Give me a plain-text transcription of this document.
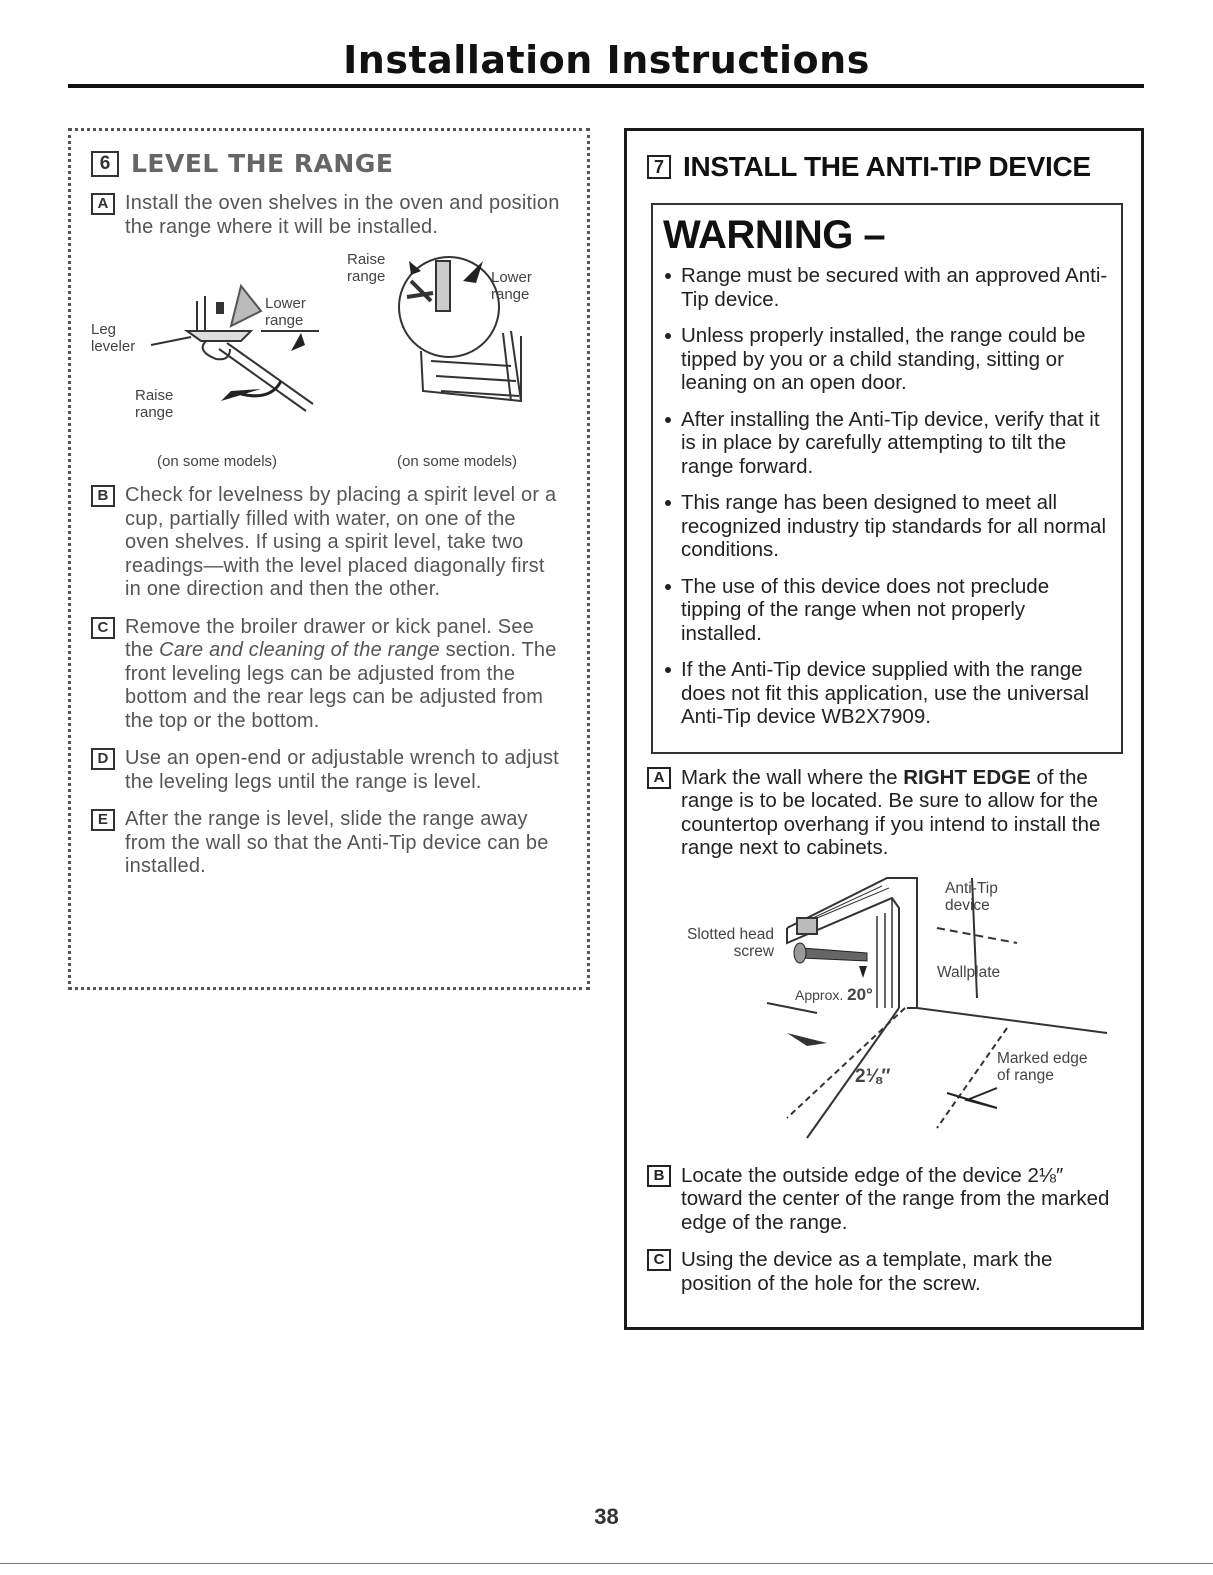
Installation Instructions
6 LEVEL THE RANGE
A Install the oven shelves in the oven and position the range where it will be installed.
Leg
leveler
Lower
range
Raise
range
Raise
range	Lower
range
(on some models)	(on some models)
B Check for levelness by placing a spirit level or a cup, partially filled with water, on one of the oven shelves. If using a spirit level, take two readings—with the level placed diagonally first in one direction and then the other.
C Remove the broiler drawer or kick panel. See the Care and cleaning of the range section. The front leveling legs can be adjusted from the bottom and the rear legs can be adjusted from the top or the bottom.
D Use an open-end or adjustable wrench to adjust the leveling legs until the range is level.
E After the range is level, slide the range away from the wall so that the Anti-Tip device can be installed.
7 INSTALL THE ANTI-TIP DEVICE
WARNING –
Range must be secured with an approved Anti-Tip device.
Unless properly installed, the range could be tipped by you or a child standing, sitting or leaning on an open door.
After installing the Anti-Tip device, verify that it is in place by carefully attempting to tilt the range forward.
This range has been designed to meet all recognized industry tip standards for all normal conditions.
The use of this device does not preclude tipping of the range when not properly installed.
If the Anti-Tip device supplied with the range does not fit this application, use the universal Anti-Tip device WB2X7909.
A Mark the wall where the RIGHT EDGE of the range is to be located. Be sure to allow for the countertop overhang if you intend to install the range next to cabinets.
Anti-Tip
device
Slotted head
screw
Wallplate
Approx. 20°
2⅛″
Marked edge
of range
B Locate the outside edge of the device 2⅛″ toward the center of the range from the marked edge of the range.
C Using the device as a template, mark the position of the hole for the screw.
38
